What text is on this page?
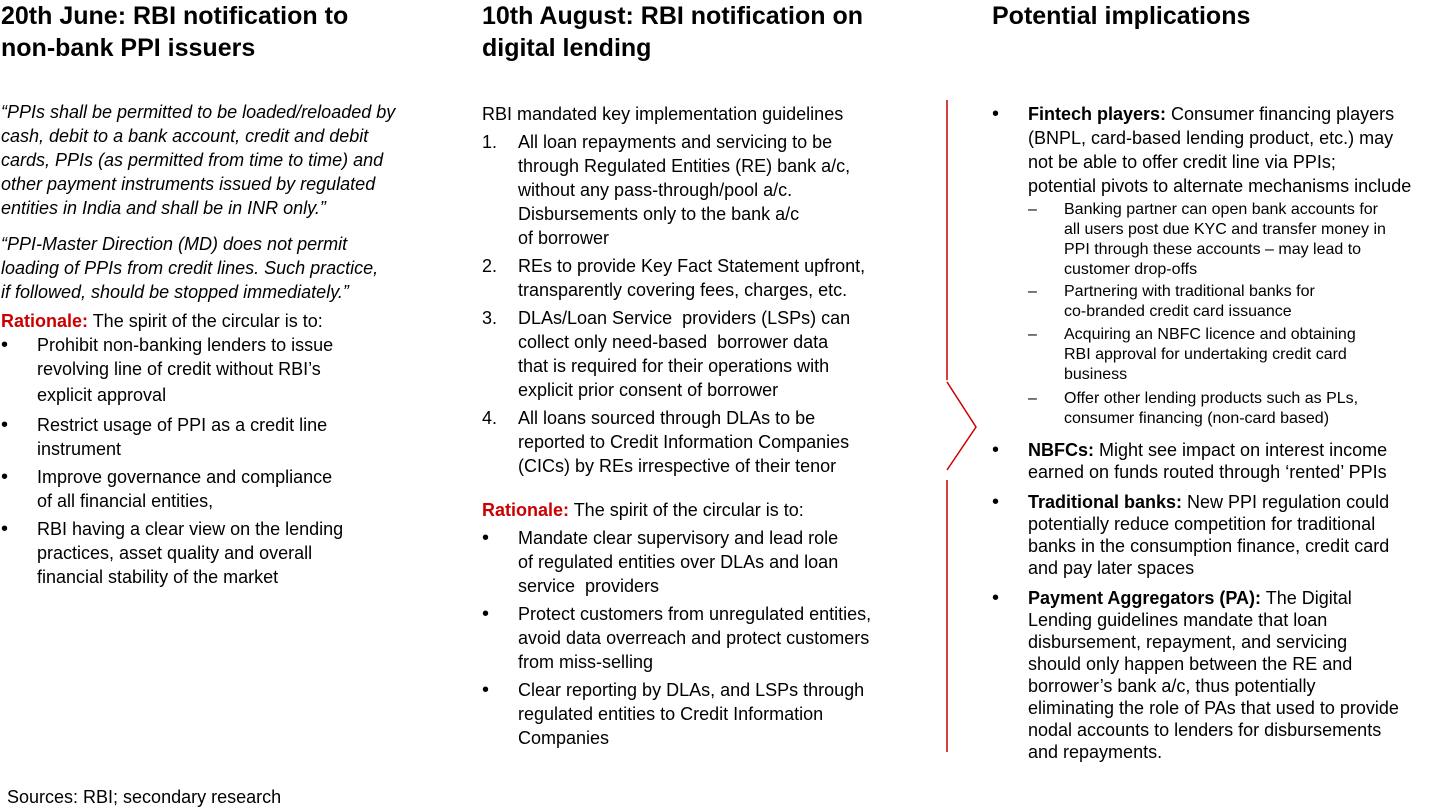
20th June: RBI notification to
non-bank PPI issuers
“PPIs shall be permitted to be loaded/reloaded by
cash, debit to a bank account, credit and debit
cards, PPIs (as permitted from time to time) and
other payment instruments issued by regulated
entities in India and shall be in INR only.”
“PPI-Master Direction (MD) does not permit
loading of PPIs from credit lines. Such practice,
if followed, should be stopped immediately.”
Rationale: The spirit of the circular is to:
•	Prohibit non-banking lenders to issue
revolving line of credit without RBI’s
explicit approval
•	Restrict usage of PPI as a credit line
instrument
•	Improve governance and compliance
of all financial entities,
•	RBI having a clear view on the lending
practices, asset quality and overall
financial stability of the market
10th August: RBI notification on
digital lending
RBI mandated key implementation guidelines
1.	All loan repayments and servicing to be
through Regulated Entities (RE) bank a/c,
without any pass-through/pool a/c.
Disbursements only to the bank a/c
of borrower
2.	REs to provide Key Fact Statement upfront,
transparently covering fees, charges, etc.
3.	DLAs/Loan Service  providers (LSPs) can
collect only need-based  borrower data
that is required for their operations with
explicit prior consent of borrower
4.	All loans sourced through DLAs to be
reported to Credit Information Companies
(CICs) by REs irrespective of their tenor
Rationale: The spirit of the circular is to:
•	Mandate clear supervisory and lead role
of regulated entities over DLAs and loan
service  providers
•	Protect customers from unregulated entities,
avoid data overreach and protect customers
from miss-selling
•	Clear reporting by DLAs, and LSPs through
regulated entities to Credit Information
Companies
Potential implications
•	Fintech players: Consumer financing players
(BNPL, card-based lending product, etc.) may
not be able to offer credit line via PPIs;
potential pivots to alternate mechanisms include
–	Banking partner can open bank accounts for
all users post due KYC and transfer money in
PPI through these accounts – may lead to
customer drop-offs
–	Partnering with traditional banks for
co-branded credit card issuance
–	Acquiring an NBFC licence and obtaining
RBI approval for undertaking credit card
business
–	Offer other lending products such as PLs,
consumer financing (non-card based)
•	NBFCs: Might see impact on interest income
earned on funds routed through ‘rented’ PPIs
•	Traditional banks: New PPI regulation could
potentially reduce competition for traditional
banks in the consumption finance, credit card
and pay later spaces
•	Payment Aggregators (PA): The Digital
Lending guidelines mandate that loan
disbursement, repayment, and servicing
should only happen between the RE and
borrower’s bank a/c, thus potentially
eliminating the role of PAs that used to provide
nodal accounts to lenders for disbursements
and repayments.
Sources: RBI; secondary research
